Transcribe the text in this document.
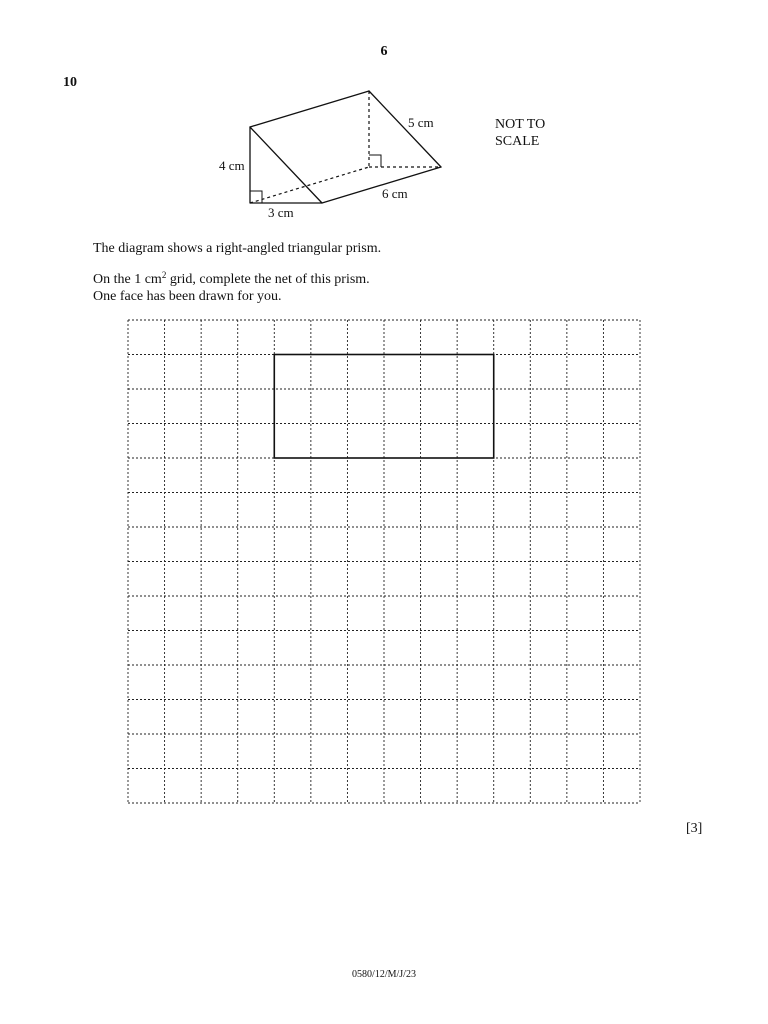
6
10
4 cm
3 cm
6 cm
5 cm	NOT TO
SCALE
The diagram shows a right-angled triangular prism.
On the 1 $cm^2$ grid, complete the net of this prism.
One face has been drawn for you.
[3]
0580/12/M/J/23
